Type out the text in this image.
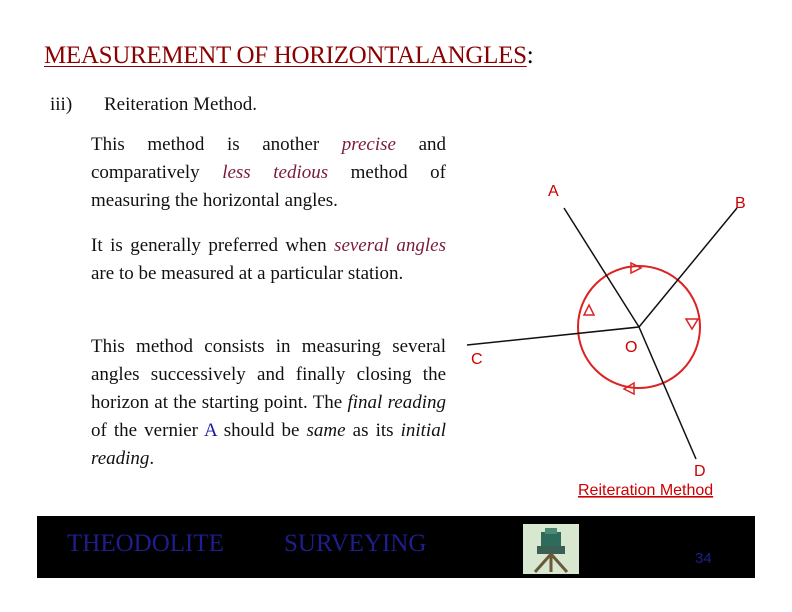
MEASUREMENT OF HORIZONTALANGLES:
iii) Reiteration Method.
This method is another precise and comparatively less tedious method of measuring the horizontal angles.
It is generally preferred when several angles are to be measured at a particular station.
This method consists in measuring several angles successively and finally closing the horizon at the starting point. The final reading of the vernier A should be same as its initial reading.
A
B
C
O
D
Reiteration Method
THEODOLITE SURVEYING
34
